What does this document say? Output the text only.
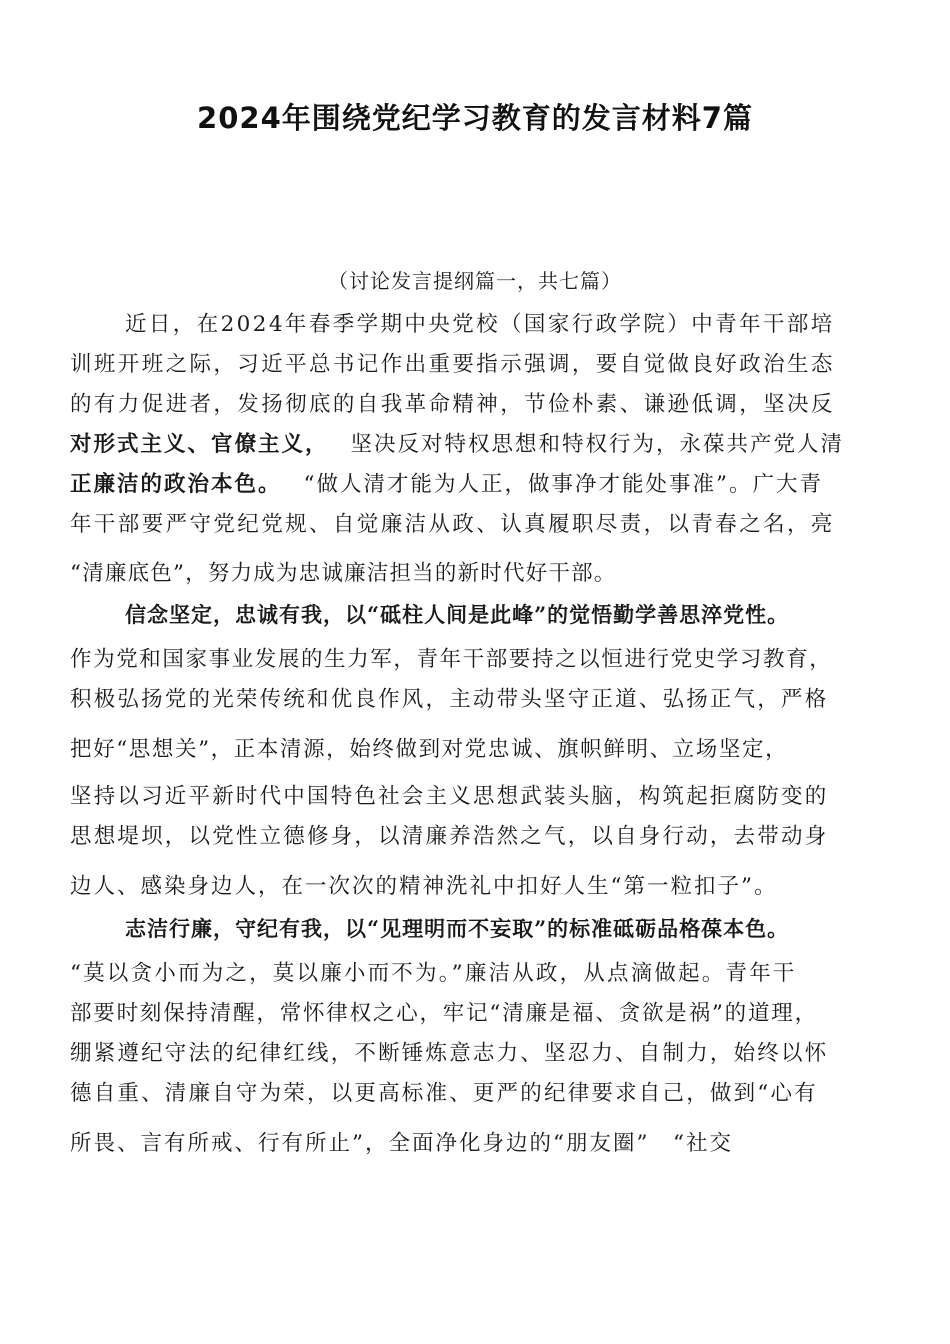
2024年围绕党纪学习教育的发言材料7篇
（讨论发言提纲篇一，共七篇）
近日，在2024年春季学期中央党校（国家行政学院）中青年干部培
训班开班之际，习近平总书记作出重要指示强调，要自觉做良好政治生态
的有力促进者，发扬彻底的自我革命精神，节俭朴素、谦逊低调，坚决反
对形式主义、官僚主义， 坚决反对特权思想和特权行为，永葆共产党人清
正廉洁的政治本色。 “做人清才能为人正，做事净才能处事准”。广大青
年干部要严守党纪党规、自觉廉洁从政、认真履职尽责，以青春之名，亮
“清廉底色”，努力成为忠诚廉洁担当的新时代好干部。
信念坚定，忠诚有我，以“砥柱人间是此峰”的觉悟勤学善思淬党性。
作为党和国家事业发展的生力军，青年干部要持之以恒进行党史学习教育，
积极弘扬党的光荣传统和优良作风，主动带头坚守正道、弘扬正气，严格
把好“思想关”，正本清源，始终做到对党忠诚、旗帜鲜明、立场坚定，
坚持以习近平新时代中国特色社会主义思想武装头脑，构筑起拒腐防变的
思想堤坝，以党性立德修身，以清廉养浩然之气，以自身行动，去带动身
边人、感染身边人，在一次次的精神洗礼中扣好人生“第一粒扣子”。
志洁行廉，守纪有我，以“见理明而不妄取”的标准砥砺品格葆本色。
“莫以贪小而为之，莫以廉小而不为。”廉洁从政，从点滴做起。青年干
部要时刻保持清醒，常怀律权之心，牢记“清廉是福、贪欲是祸”的道理，
绷紧遵纪守法的纪律红线，不断锤炼意志力、坚忍力、自制力，始终以怀
德自重、清廉自守为荣，以更高标准、更严的纪律要求自己，做到“心有
所畏、言有所戒、行有所止”，全面净化身边的“朋友圈”　“社交
